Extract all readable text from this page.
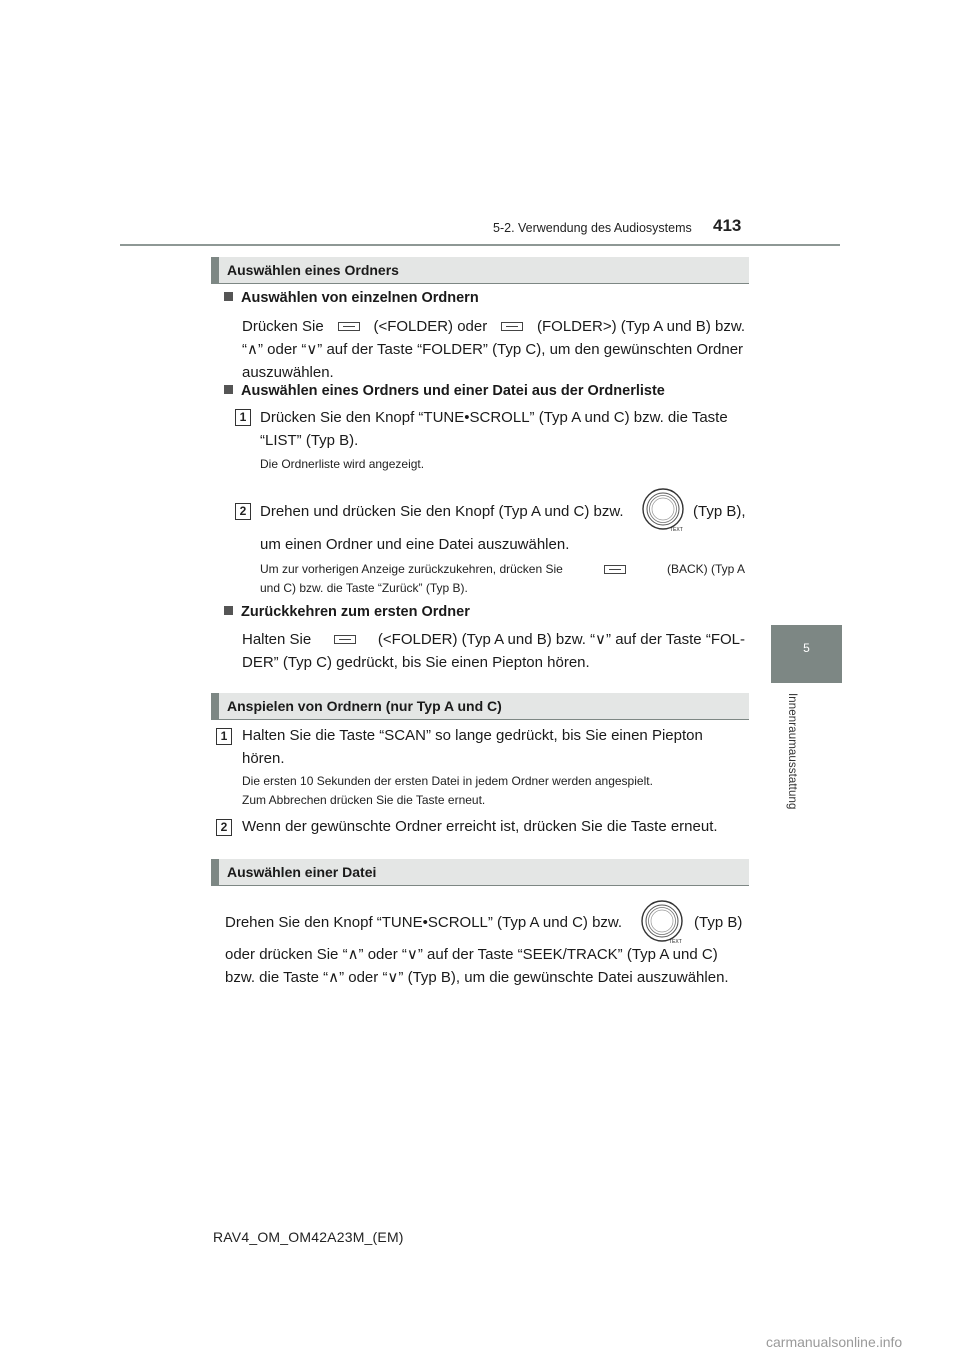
5-2. Verwendung des Audiosystems 413
5
Innenraumausstattung
Auswählen eines Ordners
Auswählen von einzelnen Ordnern
Drücken Sie	(<FOLDER) oder	(FOLDER>) (Typ A und B) bzw.
“∧” oder “∨” auf der Taste “FOLDER” (Typ C), um den gewünschten Ordner
auszuwählen.
Auswählen eines Ordners und einer Datei aus der Ordnerliste
1 Drücken Sie den Knopf “TUNE•SCROLL” (Typ A und C) bzw. die Taste
“LIST” (Typ B).
Die Ordnerliste wird angezeigt.
2 Drehen und drücken Sie den Knopf (Typ A und C) bzw.
TEXT
(Typ B),
um einen Ordner und eine Datei auszuwählen.
Um zur vorherigen Anzeige zurückzukehren, drücken Sie	(BACK) (Typ A
und C) bzw. die Taste “Zurück” (Typ B).
Zurückkehren zum ersten Ordner
Halten Sie	(<FOLDER) (Typ A und B) bzw. “∨” auf der Taste “FOL-
DER” (Typ C) gedrückt, bis Sie einen Piepton hören.
Anspielen von Ordnern (nur Typ A und C)
1 Halten Sie die Taste “SCAN” so lange gedrückt, bis Sie einen Piepton
hören.
Die ersten 10 Sekunden der ersten Datei in jedem Ordner werden angespielt.
Zum Abbrechen drücken Sie die Taste erneut.
2 Wenn der gewünschte Ordner erreicht ist, drücken Sie die Taste erneut.
Auswählen einer Datei
Drehen Sie den Knopf “TUNE•SCROLL” (Typ A und C) bzw.
TEXT
(Typ B)
oder drücken Sie “∧” oder “∨” auf der Taste “SEEK/TRACK” (Typ A und C)
bzw. die Taste “∧” oder “∨” (Typ B), um die gewünschte Datei auszuwählen.
RAV4_OM_OM42A23M_(EM)
carmanualsonline.info
